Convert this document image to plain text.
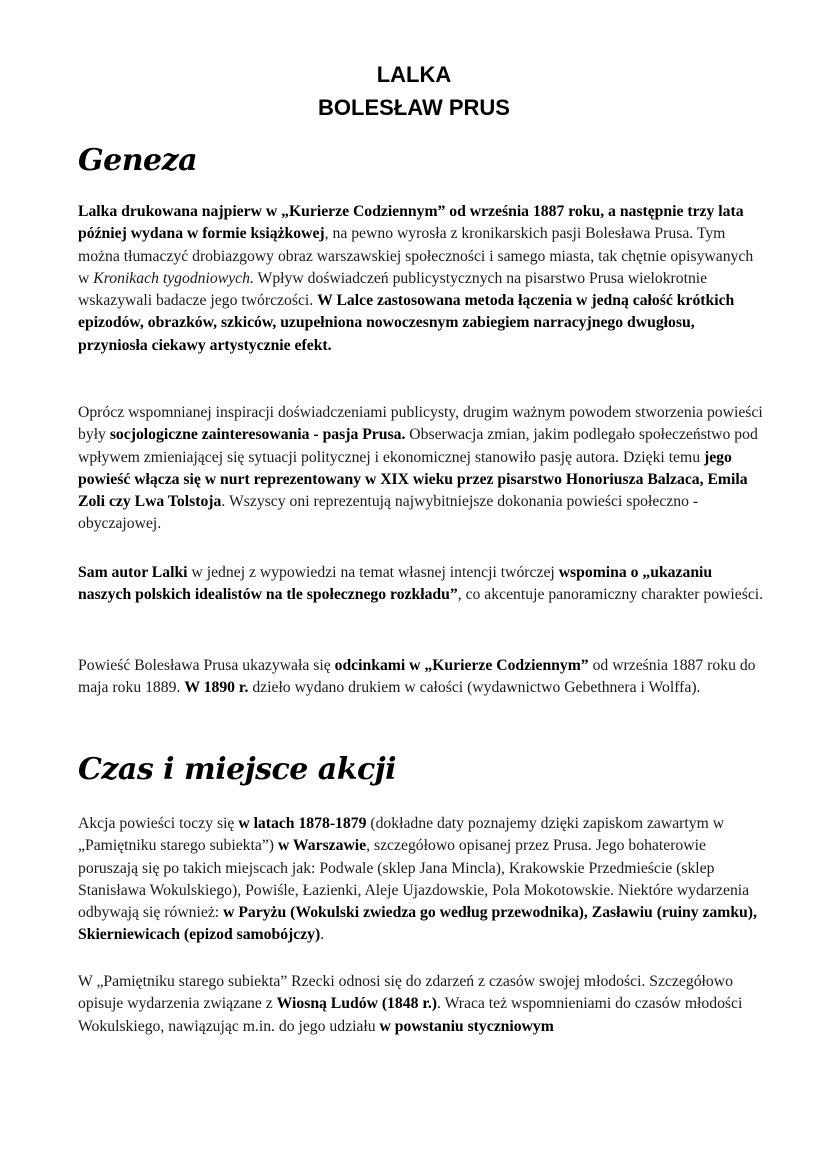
LALKA
BOLESŁAW PRUS
Geneza

Lalka drukowana najpierw w „Kurierze Codziennym” od września 1887 roku, a następnie trzy lata później wydana w formie książkowej, na pewno wyrosła z kronikarskich pasji Bolesława Prusa. Tym można tłumaczyć drobiazgowy obraz warszawskiej społeczności i samego miasta, tak chętnie opisywanych w Kronikach tygodniowych. Wpływ doświadczeń publicystycznych na pisarstwo Prusa wielokrotnie wskazywali badacze jego twórczości. W Lalce zastosowana metoda łączenia w jedną całość krótkich epizodów, obrazków, szkiców, uzupełniona nowoczesnym zabiegiem narracyjnego dwugłosu, przyniosła ciekawy artystycznie efekt.

Oprócz wspomnianej inspiracji doświadczeniami publicysty, drugim ważnym powodem stworzenia powieści były socjologiczne zainteresowania - pasja Prusa. Obserwacja zmian, jakim podlegało społeczeństwo pod wpływem zmieniającej się sytuacji politycznej i ekonomicznej stanowiło pasję autora. Dzięki temu jego powieść włącza się w nurt reprezentowany w XIX wieku przez pisarstwo Honoriusza Balzaca, Emila Zoli czy Lwa Tolstoja. Wszyscy oni reprezentują najwybitniejsze dokonania powieści społeczno - obyczajowej.

Sam autor Lalki w jednej z wypowiedzi na temat własnej intencji twórczej wspomina o „ukazaniu naszych polskich idealistów na tle społecznego rozkładu”, co akcentuje panoramiczny charakter powieści.

Powieść Bolesława Prusa ukazywała się odcinkami w „Kurierze Codziennym” od września 1887 roku do maja roku 1889. W 1890 r. dzieło wydano drukiem w całości (wydawnictwo Gebethnera i Wolffa).

Czas i miejsce akcji

Akcja powieści toczy się w latach 1878-1879 (dokładne daty poznajemy dzięki zapiskom zawartym w „Pamiętniku starego subiekta”) w Warszawie, szczegółowo opisanej przez Prusa. Jego bohaterowie poruszają się po takich miejscach jak: Podwale (sklep Jana Mincla), Krakowskie Przedmieście (sklep Stanisława Wokulskiego), Powiśle, Łazienki, Aleje Ujazdowskie, Pola Mokotowskie. Niektóre wydarzenia odbywają się również: w Paryżu (Wokulski zwiedza go według przewodnika), Zasławiu (ruiny zamku), Skierniewicach (epizod samobójczy).

W „Pamiętniku starego subiekta” Rzecki odnosi się do zdarzeń z czasów swojej młodości. Szczegółowo opisuje wydarzenia związane z Wiosną Ludów (1848 r.). Wraca też wspomnieniami do czasów młodości Wokulskiego, nawiązując m.in. do jego udziału w powstaniu styczniowym
